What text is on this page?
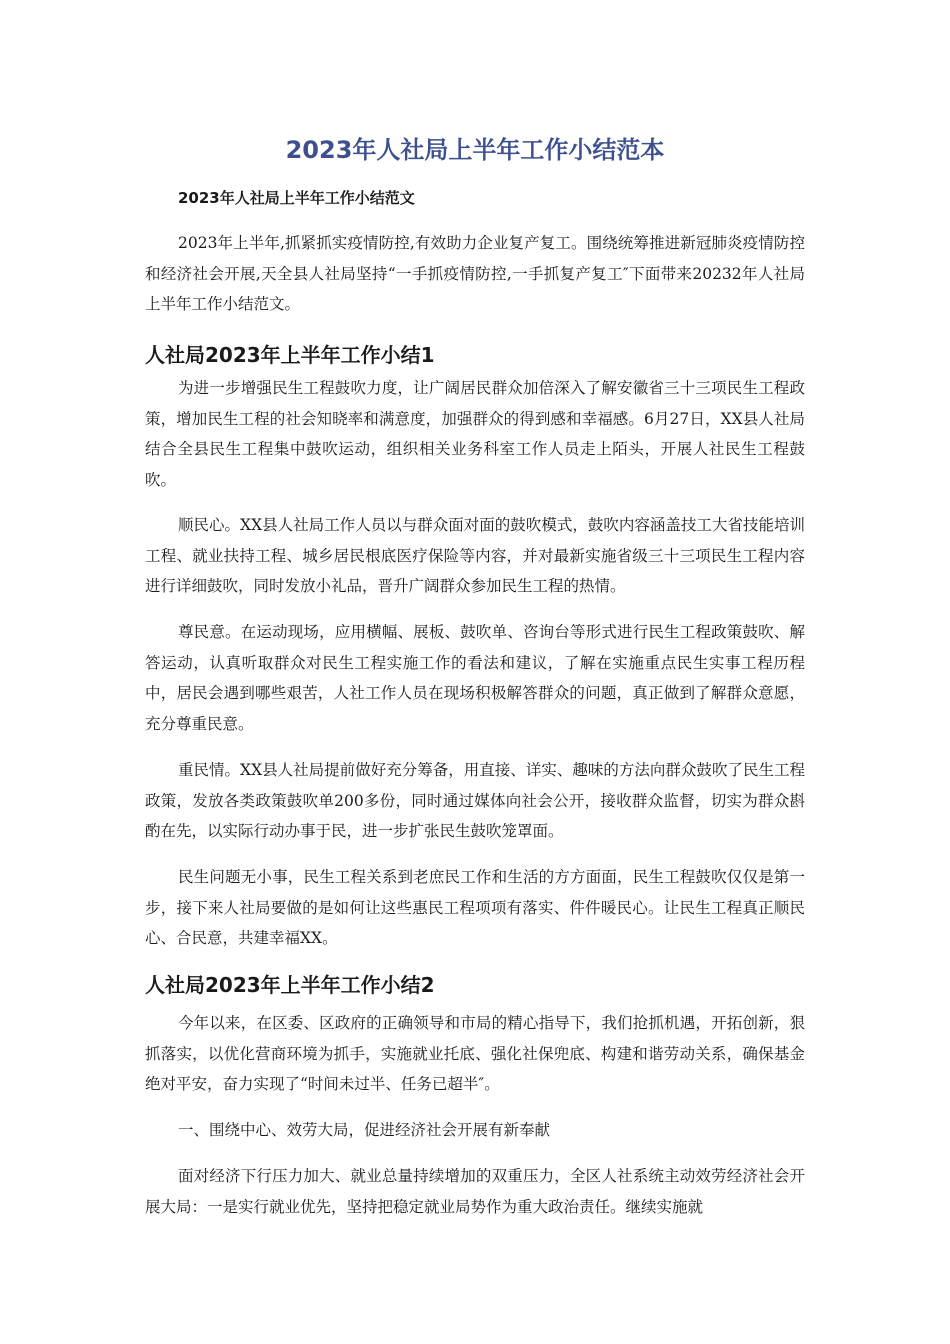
2023年人社局上半年工作小结范本

2023年人社局上半年工作小结范文

2023年上半年,抓紧抓实疫情防控,有效助力企业复产复工。围绕统筹推进新冠肺炎疫情防控和经济社会开展,天全县人社局坚持“一手抓疫情防控,一手抓复产复工″下面带来20232年人社局上半年工作小结范文。

人社局2023年上半年工作小结1

为进一步增强民生工程鼓吹力度，让广阔居民群众加倍深入了解安徽省三十三项民生工程政策，增加民生工程的社会知晓率和满意度，加强群众的得到感和幸福感。6月27日，XX县人社局结合全县民生工程集中鼓吹运动，组织相关业务科室工作人员走上陌头，开展人社民生工程鼓吹。

顺民心。XX县人社局工作人员以与群众面对面的鼓吹模式，鼓吹内容涵盖技工大省技能培训工程、就业扶持工程、城乡居民根底医疗保险等内容，并对最新实施省级三十三项民生工程内容进行详细鼓吹，同时发放小礼品，晋升广阔群众参加民生工程的热情。

尊民意。在运动现场，应用横幅、展板、鼓吹单、咨询台等形式进行民生工程政策鼓吹、解答运动，认真听取群众对民生工程实施工作的看法和建议，了解在实施重点民生实事工程历程中，居民会遇到哪些艰苦，人社工作人员在现场积极解答群众的问题，真正做到了解群众意愿，充分尊重民意。

重民情。XX县人社局提前做好充分筹备，用直接、详实、趣味的方法向群众鼓吹了民生工程政策，发放各类政策鼓吹单200多份，同时通过媒体向社会公开，接收群众监督，切实为群众斟酌在先，以实际行动办事于民，进一步扩张民生鼓吹笼罩面。

民生问题无小事，民生工程关系到老庶民工作和生活的方方面面，民生工程鼓吹仅仅是第一步，接下来人社局要做的是如何让这些惠民工程项项有落实、件件暖民心。让民生工程真正顺民心、合民意，共建幸福XX。

人社局2023年上半年工作小结2

今年以来，在区委、区政府的正确领导和市局的精心指导下，我们抢抓机遇，开拓创新，狠抓落实，以优化营商环境为抓手，实施就业托底、强化社保兜底、构建和谐劳动关系，确保基金绝对平安，奋力实现了“时间未过半、任务已超半″。

一、围绕中心、效劳大局，促进经济社会开展有新奉献

面对经济下行压力加大、就业总量持续增加的双重压力，全区人社系统主动效劳经济社会开展大局：一是实行就业优先，坚持把稳定就业局势作为重大政治责任。继续实施就
